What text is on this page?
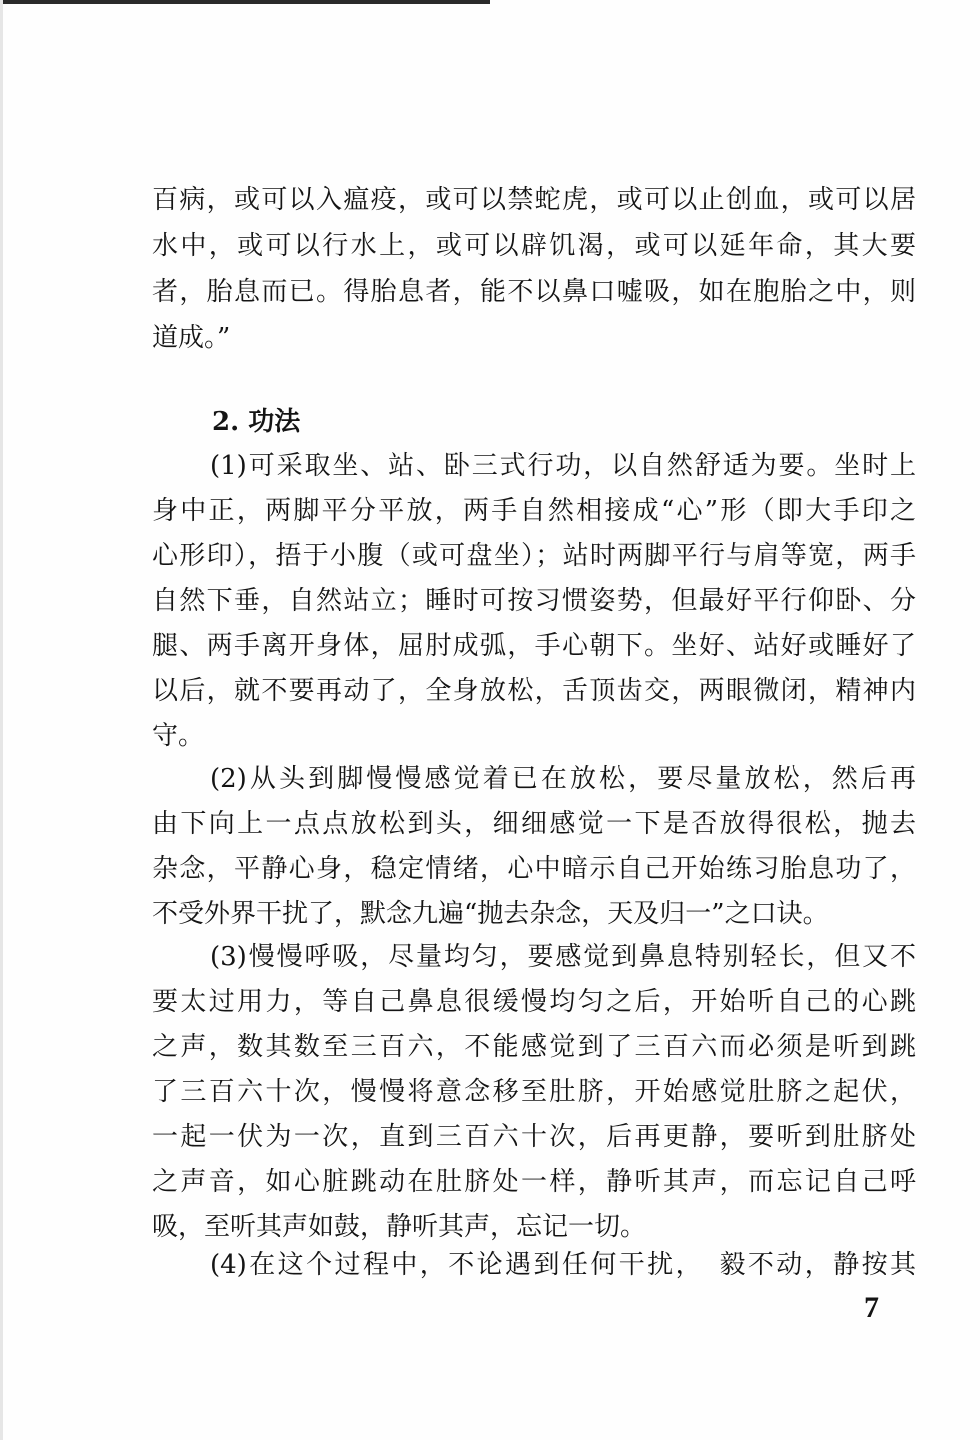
百病，或可以入瘟疫，或可以禁蛇虎，或可以止创血，或可以居
水中，或可以行水上，或可以辟饥渴，或可以延年命，其大要
者，胎息而已。得胎息者，能不以鼻口嘘吸，如在胞胎之中，则
道成。”
2. 功法
(1)可采取坐、站、卧三式行功，以自然舒适为要。坐时上
身中正，两脚平分平放，两手自然相接成“心”形（即大手印之
心形印），捂于小腹（或可盘坐）；站时两脚平行与肩等宽，两手
自然下垂，自然站立；睡时可按习惯姿势，但最好平行仰卧、分
腿、两手离开身体，屈肘成弧，手心朝下。坐好、站好或睡好了
以后，就不要再动了，全身放松，舌顶齿交，两眼微闭，精神内
守。
(2)从头到脚慢慢感觉着已在放松，要尽量放松，然后再
由下向上一点点放松到头，细细感觉一下是否放得很松，抛去
杂念，平静心身，稳定情绪，心中暗示自己开始练习胎息功了，
不受外界干扰了，默念九遍“抛去杂念，天及归一”之口诀。
(3)慢慢呼吸，尽量均匀，要感觉到鼻息特别轻长，但又不
要太过用力，等自己鼻息很缓慢均匀之后，开始听自己的心跳
之声，数其数至三百六，不能感觉到了三百六而必须是听到跳
了三百六十次，慢慢将意念移至肚脐，开始感觉肚脐之起伏，
一起一伏为一次，直到三百六十次，后再更静，要听到肚脐处
之声音，如心脏跳动在肚脐处一样，静听其声，而忘记自己呼
吸，至听其声如鼓，静听其声，忘记一切。
(4)在这个过程中，不论遇到任何干扰，　毅不动，静按其
7
